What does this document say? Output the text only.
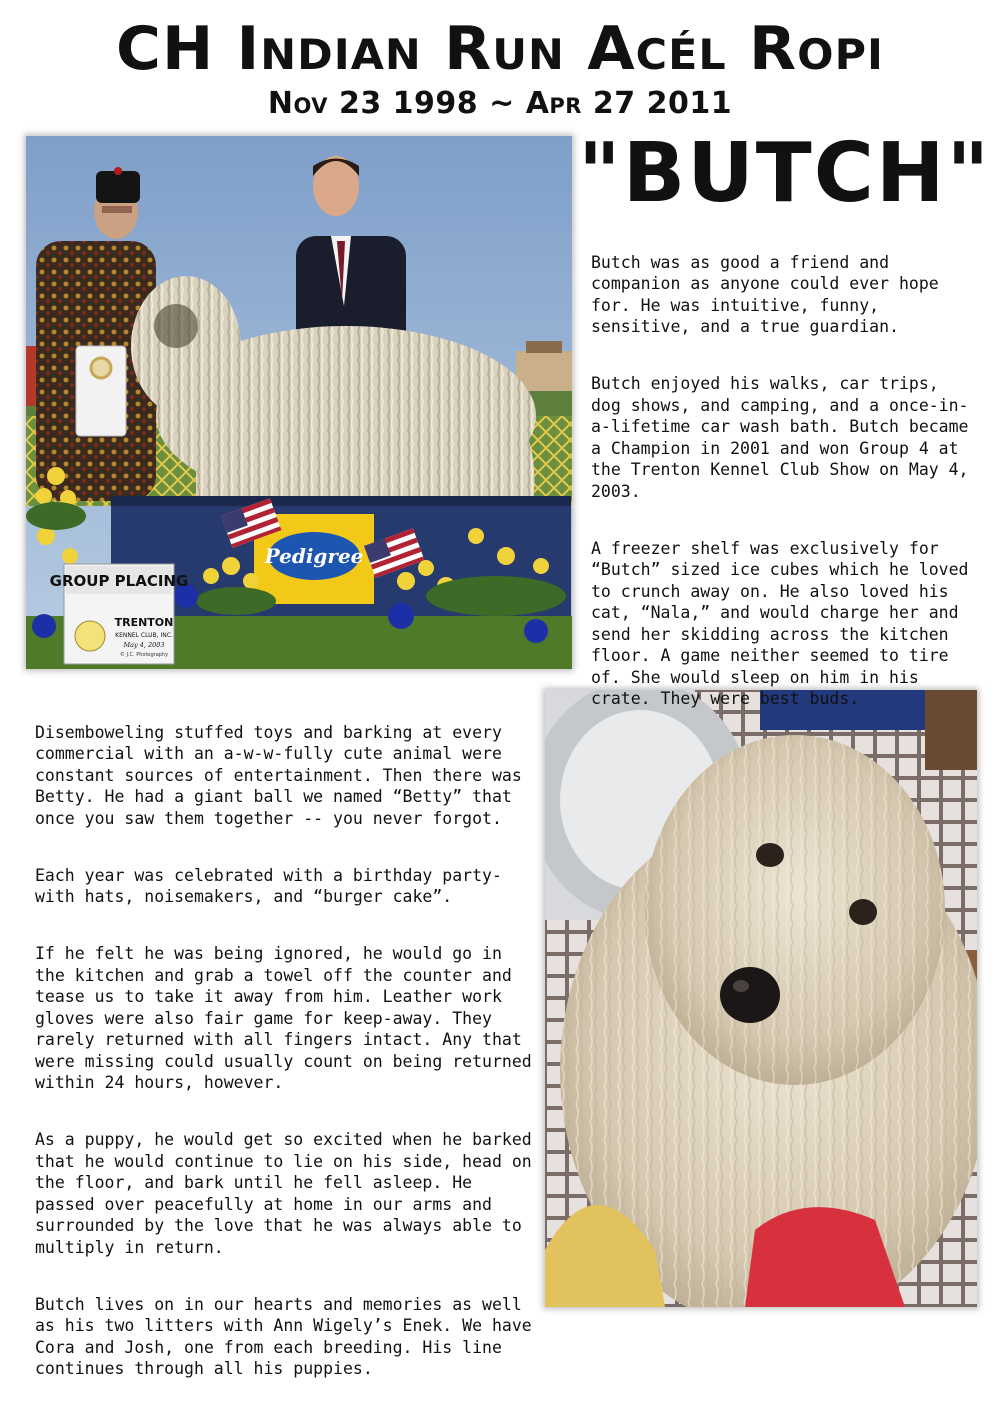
CH Indian Run Acél Ropi
Nov 23 1998 ~ Apr 27 2011
"BUTCH"
Pedigree
GROUP PLACING
TRENTON
KENNEL CLUB, INC.
May 4, 2003
© J.C. Photography

Butch was as good a friend and companion as anyone could ever hope for. He was intuitive, funny, sensitive, and a true guardian.

Butch enjoyed his walks, car trips, dog shows, and camping, and a once-in-a-lifetime car wash bath. Butch became a Champion in 2001 and won Group 4 at the Trenton Kennel Club Show on May 4, 2003.

A freezer shelf was exclusively for “Butch” sized ice cubes which he loved to crunch away on. He also loved his cat, “Nala,” and would charge her and send her skidding across the kitchen floor. A game neither seemed to tire of. She would sleep on him in his crate. They were best buds.

Disemboweling stuffed toys and barking at every commercial with an a-w-w-fully cute animal were constant sources of entertainment. Then there was Betty. He had a giant ball we named “Betty” that once you saw them together -- you never forgot.

Each year was celebrated with a birthday party- with hats, noisemakers, and “burger cake”.

If he felt he was being ignored, he would go in the kitchen and grab a towel off the counter and tease us to take it away from him. Leather work gloves were also fair game for keep-away. They rarely returned with all fingers intact. Any that were missing could usually count on being returned within 24 hours, however.

As a puppy, he would get so excited when he barked that he would continue to lie on his side, head on the floor, and bark until he fell asleep. He passed over peacefully at home in our arms and surrounded by the love that he was always able to multiply in return.

Butch lives on in our hearts and memories as well as his two litters with Ann Wigely’s Enek. We have Cora and Josh, one from each breeding. His line continues through all his puppies.
